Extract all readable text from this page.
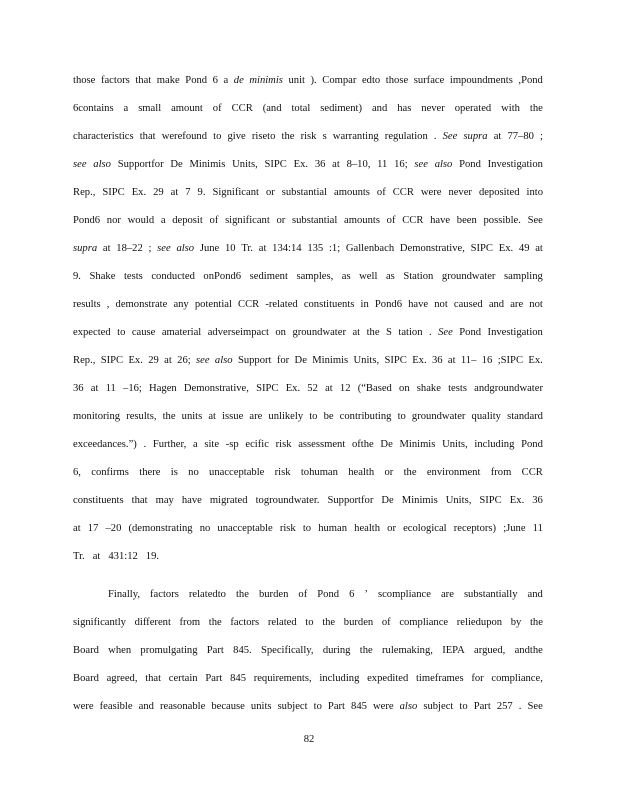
those factors that make Pond 6 a de minimis unit ). Compar edto those surface impoundments ,Pond
6contains a small amount of CCR (and total sediment) and has never operated with the
characteristics that werefound to give riseto the risk s warranting regulation . See supra at 77–80 ;
see also Supportfor De Minimis Units, SIPC Ex. 36 at 8–10, 11 16; see also Pond Investigation
Rep., SIPC Ex. 29 at 7 9. Significant or substantial amounts of CCR were never deposited into
Pond6 nor would a deposit of significant or substantial amounts of CCR have been possible. See
supra at 18–22 ; see also June 10 Tr. at 134:14 135 :1; Gallenbach Demonstrative, SIPC Ex. 49 at
9. Shake tests conducted onPond6 sediment samples, as well as Station groundwater sampling
results , demonstrate any potential CCR -related constituents in Pond6 have not caused and are not
expected to cause amaterial adverseimpact on groundwater at the S tation . See Pond Investigation
Rep., SIPC Ex. 29 at 26; see also Support for De Minimis Units, SIPC Ex. 36 at 11– 16 ;SIPC Ex.
36 at 11 –16; Hagen Demonstrative, SIPC Ex. 52 at 12 (“Based on shake tests andgroundwater
monitoring results, the units at issue are unlikely to be contributing to groundwater quality standard
exceedances.”) . Further, a site -sp ecific risk assessment ofthe De Minimis Units, including Pond
6, confirms there is no unacceptable risk tohuman health or the environment from CCR
constituents that may have migrated togroundwater. Supportfor De Minimis Units, SIPC Ex. 36
at 17 –20 (demonstrating no unacceptable risk to human health or ecological receptors) ;June 11
Tr. at 431:12 19.
Finally, factors relatedto the burden of Pond 6 ’ scompliance are substantially and
significantly different from the factors related to the burden of compliance reliedupon by the
Board when promulgating Part 845. Specifically, during the rulemaking, IEPA argued, andthe
Board agreed, that certain Part 845 requirements, including expedited timeframes for compliance,
were feasible and reasonable because units subject to Part 845 were also subject to Part 257 . See
82
